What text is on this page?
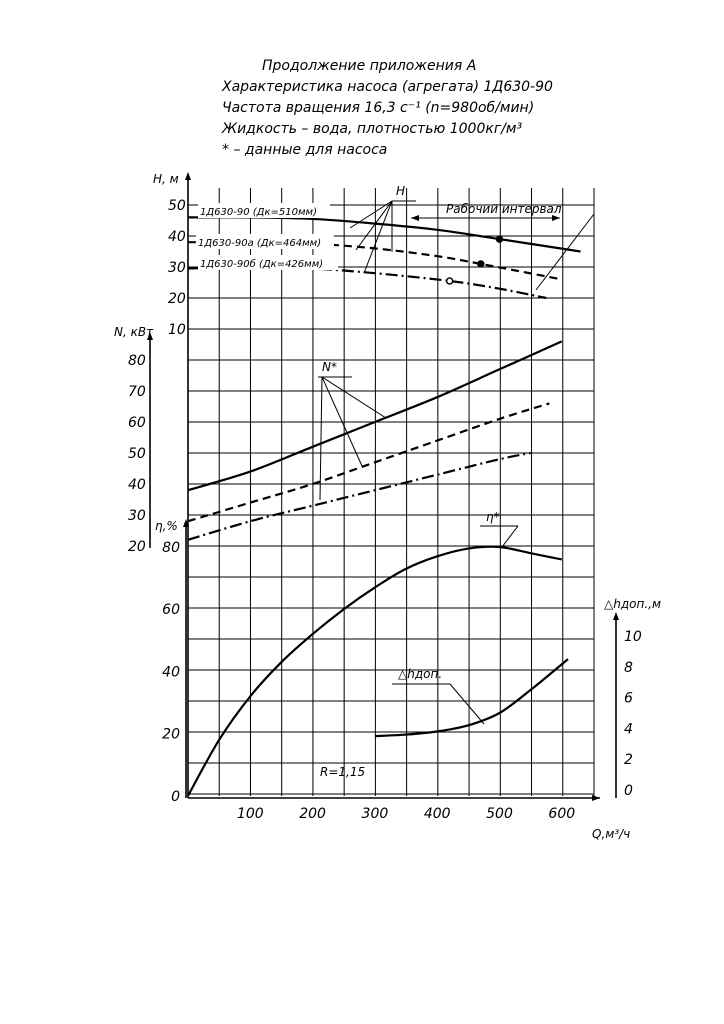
Продолжение приложения А
Характеристика насоса (агрегата) 1Д630-90
Частота вращения 16,3 с⁻¹ (n=980об/мин)
Жидкость – вода, плотностью 1000кг/м³
* – данные для насоса
50
40
30
20
10
80
70
60
50
40
30
20 80
60
40
20
0
10
8
6
4
2
0
100	200	300	400	500	600
Н, м
N, кВт
η,%
△hдоп.,м
Q,м³/ч
1Д630-90 (Дк=510мм)
1Д630-90а (Дк=464мм)
1Д630-90б (Дк=426мм)
Н
Рабочий интервал
N*
η*
△hдоп.
R=1,15
